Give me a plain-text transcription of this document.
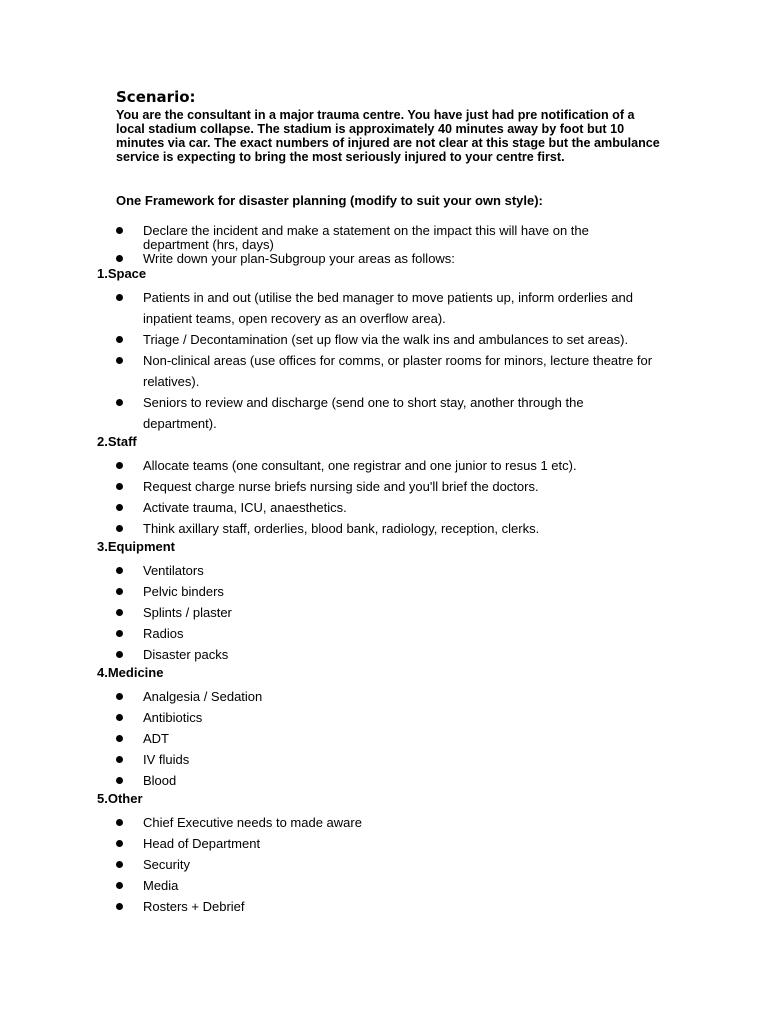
Scenario:
You are the consultant in a major trauma centre. You have just had pre notification of a local stadium collapse. The stadium is approximately 40 minutes away by foot but 10 minutes via car. The exact numbers of injured are not clear at this stage but the ambulance service is expecting to bring the most seriously injured to your centre first.
One Framework for disaster planning (modify to suit your own style):
Declare the incident and make a statement on the impact this will have on the department (hrs, days)
Write down your plan-Subgroup your areas as follows:
1.Space
Patients in and out (utilise the bed manager to move patients up, inform orderlies and inpatient teams, open recovery as an overflow area).
Triage / Decontamination (set up flow via the walk ins and ambulances to set areas).
Non-clinical areas (use offices for comms, or plaster rooms for minors, lecture theatre for relatives).
Seniors to review and discharge (send one to short stay, another through the department).
2.Staff
Allocate teams (one consultant, one registrar and one junior to resus 1 etc).
Request charge nurse briefs nursing side and you'll brief the doctors.
Activate trauma, ICU, anaesthetics.
Think axillary staff, orderlies, blood bank, radiology, reception, clerks.
3.Equipment
Ventilators
Pelvic binders
Splints / plaster
Radios
Disaster packs
4.Medicine
Analgesia / Sedation
Antibiotics
ADT
IV fluids
Blood
5.Other
Chief Executive needs to made aware
Head of Department
Security
Media
Rosters + Debrief
